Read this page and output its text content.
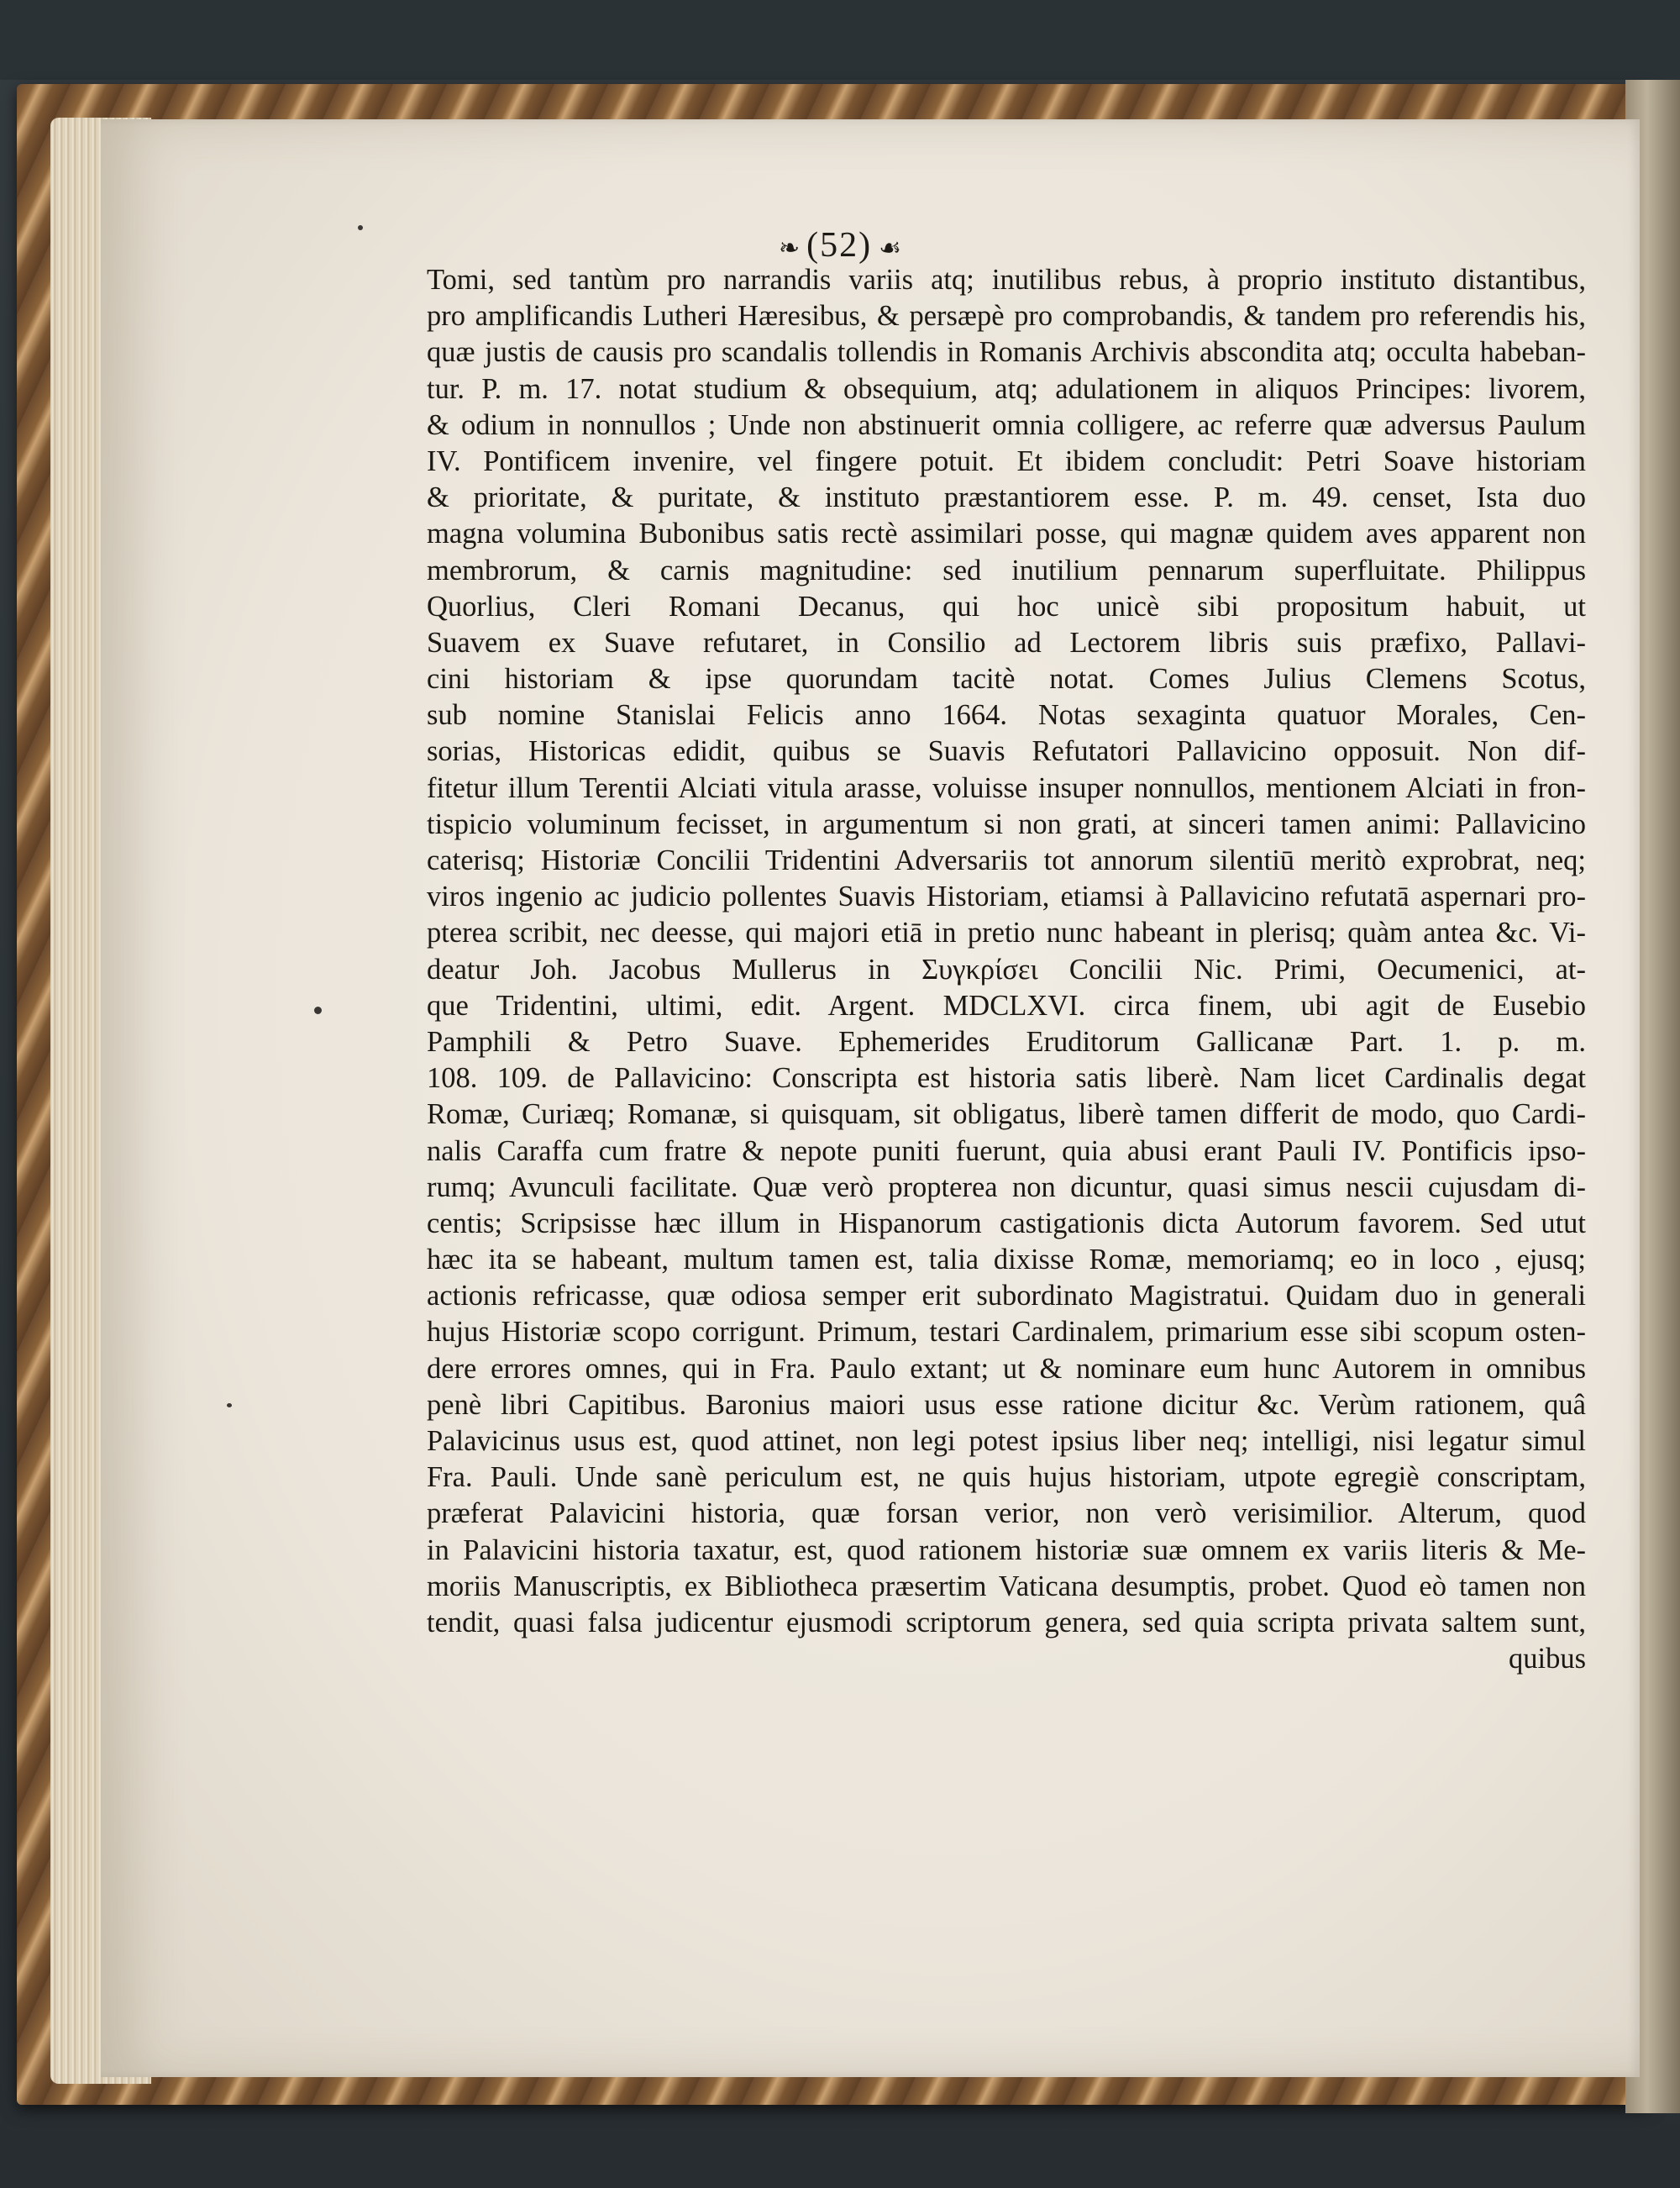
❧ (52) ☙
Tomi, sed tantùm pro narrandis variis atq; inutilibus rebus, à proprio instituto distantibus,
pro amplificandis Lutheri Hæresibus, & persæpè pro comprobandis, & tandem pro referendis his,
quæ justis de causis pro scandalis tollendis in Romanis Archivis abscondita atq; occulta habeban-
tur. P. m. 17. notat studium & obsequium, atq; adulationem in aliquos Principes: livorem,
& odium in nonnullos ; Unde non abstinuerit omnia colligere, ac referre quæ adversus Paulum
IV. Pontificem invenire, vel fingere potuit. Et ibidem concludit: Petri Soave historiam
& prioritate, & puritate, & instituto præstantiorem esse. P. m. 49. censet, Ista duo
magna volumina Bubonibus satis rectè assimilari posse, qui magnæ quidem aves apparent non
membrorum, & carnis magnitudine: sed inutilium pennarum superfluitate. Philippus
Quorlius, Cleri Romani Decanus, qui hoc unicè sibi propositum habuit, ut
Suavem ex Suave refutaret, in Consilio ad Lectorem libris suis præfixo, Pallavi-
cini historiam & ipse quorundam tacitè notat. Comes Julius Clemens Scotus,
sub nomine Stanislai Felicis anno 1664. Notas sexaginta quatuor Morales, Cen-
sorias, Historicas edidit, quibus se Suavis Refutatori Pallavicino opposuit. Non dif-
fitetur illum Terentii Alciati vitula arasse, voluisse insuper nonnullos, mentionem Alciati in fron-
tispicio voluminum fecisset, in argumentum si non grati, at sinceri tamen animi: Pallavicino
caterisq; Historiæ Concilii Tridentini Adversariis tot annorum silentiū meritò exprobrat, neq;
viros ingenio ac judicio pollentes Suavis Historiam, etiamsi à Pallavicino refutatā aspernari pro-
pterea scribit, nec deesse, qui majori etiā in pretio nunc habeant in plerisq; quàm antea &c. Vi-
deatur Joh. Jacobus Mullerus in Συγκρίσει Concilii Nic. Primi, Oecumenici, at-
que Tridentini, ultimi, edit. Argent. MDCLXVI. circa finem, ubi agit de Eusebio
Pamphili & Petro Suave. Ephemerides Eruditorum Gallicanæ Part. 1. p. m.
108. 109. de Pallavicino: Conscripta est historia satis liberè. Nam licet Cardinalis degat
Romæ, Curiæq; Romanæ, si quisquam, sit obligatus, liberè tamen differit de modo, quo Cardi-
nalis Caraffa cum fratre & nepote puniti fuerunt, quia abusi erant Pauli IV. Pontificis ipso-
rumq; Avunculi facilitate. Quæ verò propterea non dicuntur, quasi simus nescii cujusdam di-
centis; Scripsisse hæc illum in Hispanorum castigationis dicta Autorum favorem. Sed utut
hæc ita se habeant, multum tamen est, talia dixisse Romæ, memoriamq; eo in loco , ejusq;
actionis refricasse, quæ odiosa semper erit subordinato Magistratui. Quidam duo in generali
hujus Historiæ scopo corrigunt. Primum, testari Cardinalem, primarium esse sibi scopum osten-
dere errores omnes, qui in Fra. Paulo extant; ut & nominare eum hunc Autorem in omnibus
penè libri Capitibus. Baronius maiori usus esse ratione dicitur &c. Verùm rationem, quâ
Palavicinus usus est, quod attinet, non legi potest ipsius liber neq; intelligi, nisi legatur simul
Fra. Pauli. Unde sanè periculum est, ne quis hujus historiam, utpote egregiè conscriptam,
præferat Palavicini historia, quæ forsan verior, non verò verisimilior. Alterum, quod
in Palavicini historia taxatur, est, quod rationem historiæ suæ omnem ex variis literis & Me-
moriis Manuscriptis, ex Bibliotheca præsertim Vaticana desumptis, probet. Quod eò tamen non
tendit, quasi falsa judicentur ejusmodi scriptorum genera, sed quia scripta privata saltem sunt,
quibus
